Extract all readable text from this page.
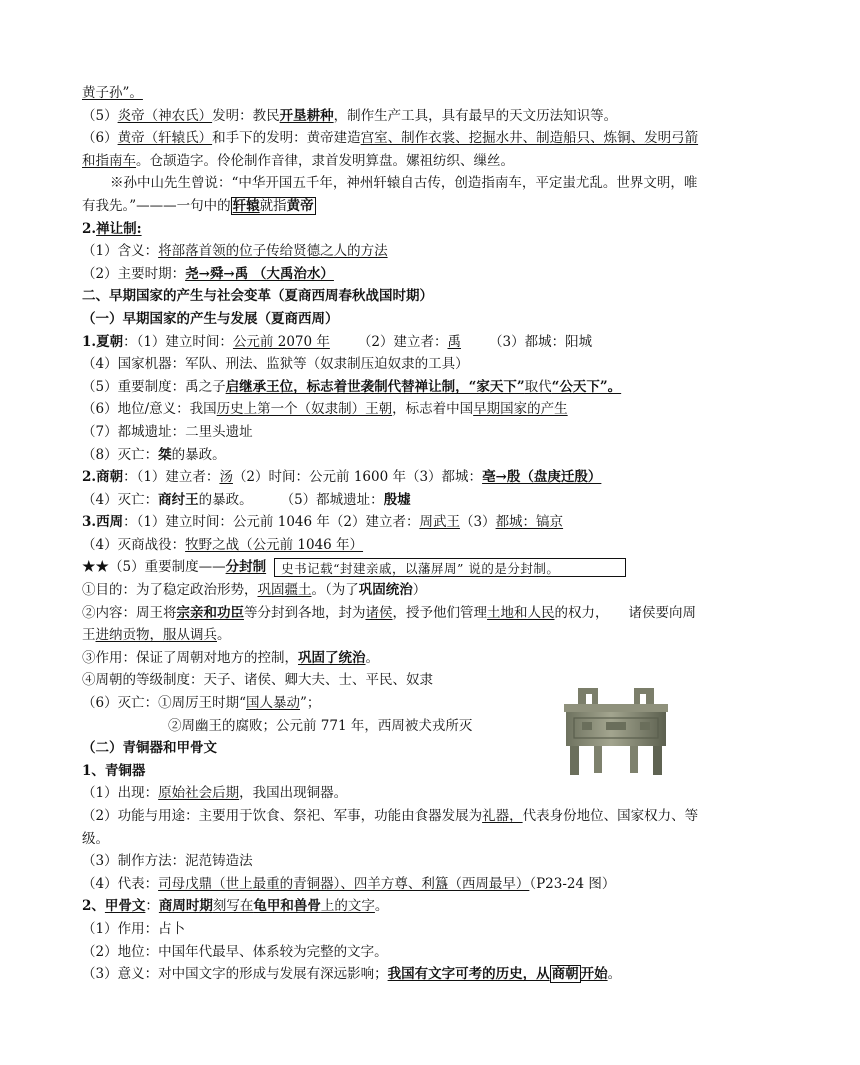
黄子孙”。
（5）炎帝（神农氏）发明：教民开垦耕种，制作生产工具，具有最早的天文历法知识等。
（6）黄帝（轩辕氏）和手下的发明：黄帝建造宫室、制作衣裳、挖掘水井、制造船只、炼铜、发明弓箭
和指南车。仓颉造字。伶伦制作音律，隶首发明算盘。嫘祖纺织、缫丝。
※孙中山先生曾说：“中华开国五千年，神州轩辕自古传，创造指南车，平定蚩尤乱。世界文明，唯
有我先。”———一句中的 轩辕就指黄帝
2.禅让制:
（1）含义：将部落首领的位子传给贤德之人的方法
（2）主要时期：尧→舜→禹 （大禹治水）
二、早期国家的产生与社会变革（夏商西周春秋战国时期）
（一）早期国家的产生与发展（夏商西周）
1.夏朝：（1）建立时间：公元前 2070 年 （2）建立者：禹 （3）都城：阳城
（4）国家机器：军队、刑法、监狱等（奴隶制压迫奴隶的工具）
（5）重要制度：禹之子启继承王位，标志着世袭制代替禅让制，“家天下”取代“公天下”。
（6）地位/意义：我国历史上第一个（奴隶制）王朝，标志着中国早期国家的产生
（7）都城遗址：二里头遗址
（8）灭亡：桀的暴政。
2.商朝：（1）建立者：汤（2）时间：公元前 1600 年（3）都城：亳→殷（盘庚迁殷）
（4）灭亡：商纣王的暴政。 （5）都城遗址：殷墟
3.西周：（1）建立时间：公元前 1046 年（2）建立者：周武王（3）都城：镐京
（4）灭商战役：牧野之战（公元前 1046 年）
★★（5）重要制度——分封制 史书记载“封建亲戚，以藩屏周” 说的是分封制。
①目的：为了稳定政治形势，巩固疆土。（为了巩固统治）
②内容：周王将宗亲和功臣等分封到各地，封为诸侯，授予他们管理土地和人民的权力， 诸侯要向周
王进纳贡物，服从调兵。
③作用：保证了周朝对地方的控制，巩固了统治。
④周朝的等级制度：天子、诸侯、卿大夫、士、平民、奴隶
（6）灭亡：①周厉王时期“国人暴动”；
②周幽王的腐败；公元前 771 年，西周被犬戎所灭
（二）青铜器和甲骨文
1、青铜器
（1）出现：原始社会后期，我国出现铜器。
（2）功能与用途：主要用于饮食、祭祀、军事，功能由食器发展为礼器，代表身份地位、国家权力、等
级。
（3）制作方法：泥范铸造法
（4）代表：司母戊鼎（世上最重的青铜器）、四羊方尊、利簋（西周最早）（P23-24 图）
2、甲骨文：商周时期刻写在龟甲和兽骨上的文字。
（1）作用：占卜
（2）地位：中国年代最早、体系较为完整的文字。
（3）意义：对中国文字的形成与发展有深远影响；我国有文字可考的历史，从 商朝 开始。
